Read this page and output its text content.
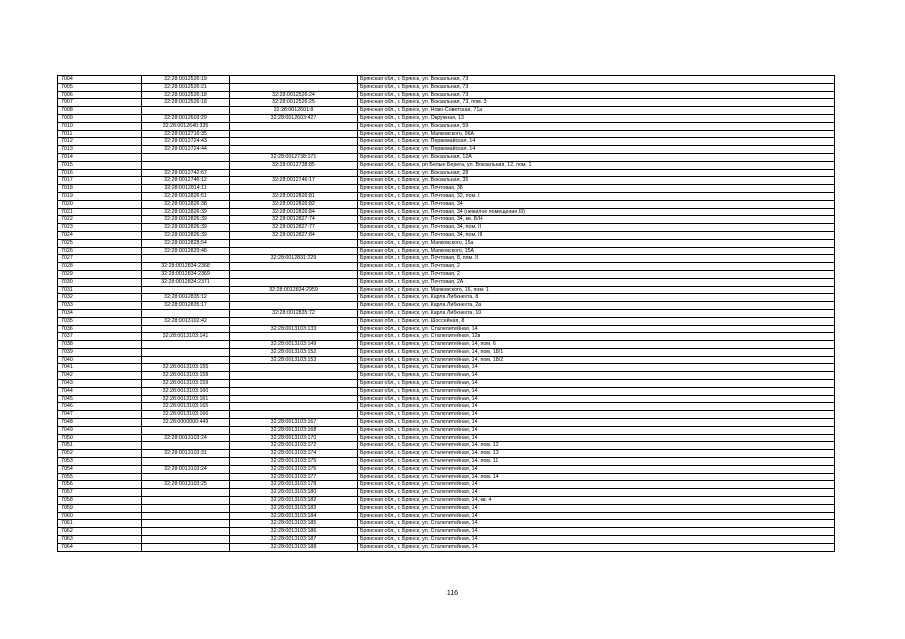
7004	32:28:0012526:19		Брянская обл., г. Брянск, ул. Вокзальная, 73
7005	32:28:0012526:21		Брянская обл., г. Брянск, ул. Вокзальная, 73
7006	32:28:0012526:18	32:28:0012526:24	Брянская обл., г. Брянск, ул. Вокзальная, 73
7007	32:28:0012526:18	32:28:0012526:25	Брянская обл., г. Брянск, ул. Вокзальная, 73, пом. 3
7008		32:28:0012601:8	Брянская обл., г. Брянск, ул. Ново-Советская, 71а
7009	32:28:0012603:29	32:28:0012603:427	Брянская обл., г. Брянск, ул. Окружная, 13
7010	32:28:0012640:335		Брянская обл., г. Брянск, ул. Вокзальная, 59
7011	32:28:0012716:35		Брянская обл., г. Брянск, ул. Маяковского, 96А
7012	32:28:0012724:43		Брянская обл., г. Брянск, ул. Первомайская, 14
7013	32:28:0012724:44		Брянская обл., г. Брянск, ул. Первомайская, 14
7014		32:28:0012738:171	Брянская обл., г. Брянск, ул. Вокзальная, 12А
7015		32:28:0012738:85	Брянская обл., г. Брянск, рп Белые Берега, ул. Вокзальная, 12, пом. 1
7016	32:28:0012742:67		Брянская обл., г. Брянск, ул. Вокзальная, 28
7017	32:28:0012746:12	32:28:0012746:17	Брянская обл., г. Брянск, ул. Вокзальная, 35
7018	32:28:0012814:11		Брянская обл., г. Брянск, ул. Почтовая, 38
7019	32:28:0012826:51	32:28:0012826:81	Брянская обл., г. Брянск, ул. Почтовая, 32, пом. I
7020	32:28:0012826:38	32:28:0012826:82	Брянская обл., г. Брянск, ул. Почтовая, 34
7021	32:28:0012826:39	32:28:0012826:84	Брянская обл., г. Брянск, ул. Почтовая, 34 (нежилое помещение III)
7022	32:28:0012826:39	32:28:0012827:74	Брянская обл., г. Брянск, ул. Почтовая, 34, кв. Б/Н
7023	32:28:0012826:39	32:28:0012827:77	Брянская обл., г. Брянск, ул. Почтовая, 34, пом. II
7024	32:28:0012826:39	32:28:0012827:84	Брянская обл., г. Брянск, ул. Почтовая, 34, пом. III
7025	32:28:0012828:54		Брянская обл., г. Брянск, ул. Маяковского, 15а
7026	32:28:0012829:48		Брянская обл., г. Брянск, ул. Маяковского, 15А
7027		32:28:0012831:229	Брянская обл., г. Брянск, ул. Почтовая, 8, пом. II
7028	32:28:0012834:2368		Брянская обл., г. Брянск, ул. Почтовая, 2
7029	32:28:0012834:2369		Брянская обл., г. Брянск, ул. Почтовая, 2
7030	32:28:0012834:2371		Брянская обл., г. Брянск, ул. Почтовая, 2А
7031		32:28:0012834:2959	Брянская обл., г. Брянск, ул. Маяковского, 16, пом. 1
7032	32:28:0012835:12		Брянская обл., г. Брянск, ул. Карла Либкнехта, 8
7033	32:28:0012835:17		Брянская обл., г. Брянск, ул. Карла Либкнехта, 2а
7034		32:28:0012835:72	Брянская обл., г. Брянск, ул. Карла Либкнехта, 10
7035	32:28:0013102:42		Брянская обл., г. Брянск, ул. Шоссейная, 8
7036		32:28:0013103:133	Брянская обл., г. Брянск, ул. Сталелитейная, 14
7037	32:28:0013103:141		Брянская обл., г. Брянск, ул. Сталелитейная, 12в
7038		32:28:0013103:149	Брянская обл., г. Брянск, ул. Сталелитейная, 14, пом. 6
7039		32:28:0013103:152	Брянская обл., г. Брянск, ул. Сталелитейная, 14, пом. 18/1
7040		32:28:0013103:153	Брянская обл., г. Брянск, ул. Сталелитейная, 14, пом. 18/2
7041	32:28:0013103:155		Брянская обл., г. Брянск, ул. Сталелитейная, 14
7042	32:28:0013103:158		Брянская обл., г. Брянск, ул. Сталелитейная, 14
7043	32:28:0013103:159		Брянская обл., г. Брянск, ул. Сталелитейная, 14
7044	32:28:0013103:160		Брянская обл., г. Брянск, ул. Сталелитейная, 14
7045	32:28:0013103:161		Брянская обл., г. Брянск, ул. Сталелитейная, 14
7046	32:28:0013103:165		Брянская обл., г. Брянск, ул. Сталелитейная, 14
7047	32:28:0013103:166		Брянская обл., г. Брянск, ул. Сталелитейная, 14
7048	32:28:0000000:449	32:28:0013103:167	Брянская обл., г. Брянск, ул. Сталелитейная, 14
7049		32:28:0013103:168	Брянская обл., г. Брянск, ул. Сталелитейная, 14
7050	32:28:0013103:24	32:28:0013103:170	Брянская обл., г. Брянск, ул. Сталелитейная, 14
7051		32:28:0013103:172	Брянская обл., г. Брянск, ул. Сталелитейная, 14, пом. 12
7052	32:28:0013103:31	32:28:0013103:174	Брянская обл., г. Брянск, ул. Сталелитейная, 14, пом. 13
7053		32:28:0013103:175	Брянская обл., г. Брянск, ул. Сталелитейная, 14, пом. 11
7054	32:28:0013103:24	32:28:0013103:176	Брянская обл., г. Брянск, ул. Сталелитейная, 14
7055		32:28:0013103:177	Брянская обл., г. Брянск, ул. Сталелитейная, 14, пом. 14
7056	32:28:0013103:25	32:28:0013103:178	Брянская обл., г. Брянск, ул. Сталелитейная, 14
7057		32:28:0013103:180	Брянская обл., г. Брянск, ул. Сталелитейная, 14
7058		32:28:0013103:182	Брянская обл., г. Брянск, ул. Сталелитейная, 14, кв. 4
7059		32:28:0013103:183	Брянская обл., г. Брянск, ул. Сталелитейная, 14
7060		32:28:0013103:184	Брянская обл., г. Брянск, ул. Сталелитейная, 14
7061		32:28:0013103:185	Брянская обл., г. Брянск, ул. Сталелитейная, 14
7062		32:28:0013103:186	Брянская обл., г. Брянск, ул. Сталелитейная, 14
7063		32:28:0013103:187	Брянская обл., г. Брянск, ул. Сталелитейная, 14
7064		32:28:0013103:188	Брянская обл., г. Брянск, ул. Сталелитейная, 14
116
